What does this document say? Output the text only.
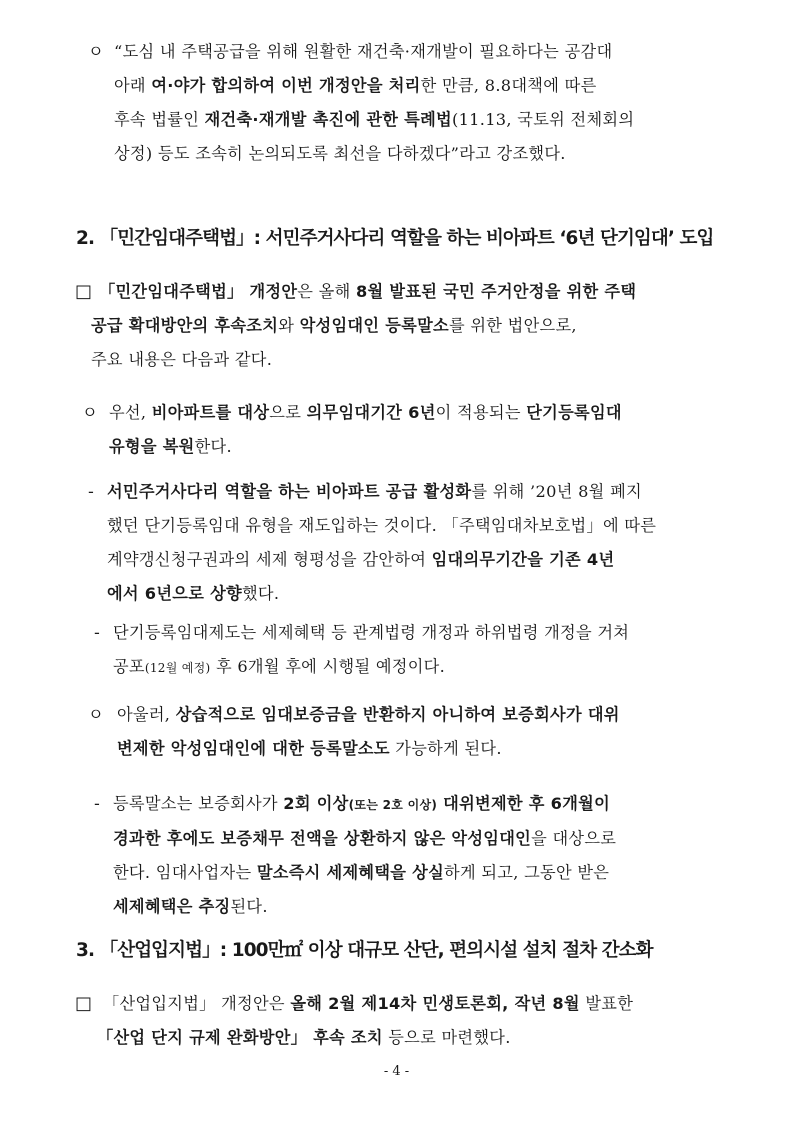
ㅇ “도심 내 주택공급을 위해 원활한 재건축·재개발이 필요하다는 공감대
아래 여·야가 합의하여 이번 개정안을 처리한 만큼, 8.8대책에 따른
후속 법률인 재건축·재개발 촉진에 관한 특례법(11.13, 국토위 전체회의
상정) 등도 조속히 논의되도록 최선을 다하겠다”라고 강조했다.
2. 「민간임대주택법」: 서민주거사다리 역할을 하는 비아파트 ‘6년 단기임대’ 도입
□ 「민간임대주택법」 개정안은 올해 8월 발표된 국민 주거안정을 위한 주택
공급 확대방안의 후속조치와 악성임대인 등록말소를 위한 법안으로,
주요 내용은 다음과 같다.
ㅇ 우선, 비아파트를 대상으로 의무임대기간 6년이 적용되는 단기등록임대
유형을 복원한다.
- 서민주거사다리 역할을 하는 비아파트 공급 활성화를 위해 ’20년 8월 폐지
했던 단기등록임대 유형을 재도입하는 것이다. 「주택임대차보호법」에 따른
계약갱신청구권과의 세제 형평성을 감안하여 임대의무기간을 기존 4년
에서 6년으로 상향했다.
- 단기등록임대제도는 세제혜택 등 관계법령 개정과 하위법령 개정을 거쳐
공포(12월 예정) 후 6개월 후에 시행될 예정이다.
ㅇ 아울러, 상습적으로 임대보증금을 반환하지 아니하여 보증회사가 대위
변제한 악성임대인에 대한 등록말소도 가능하게 된다.
- 등록말소는 보증회사가 2회 이상(또는 2호 이상) 대위변제한 후 6개월이
경과한 후에도 보증채무 전액을 상환하지 않은 악성임대인을 대상으로
한다. 임대사업자는 말소즉시 세제혜택을 상실하게 되고, 그동안 받은
세제혜택은 추징된다.
3. 「산업입지법」: 100만㎡ 이상 대규모 산단, 편의시설 설치 절차 간소화
□ 「산업입지법」 개정안은 올해 2월 제14차 민생토론회, 작년 8월 발표한
「산업 단지 규제 완화방안」 후속 조치 등으로 마련했다.
- 4 -
